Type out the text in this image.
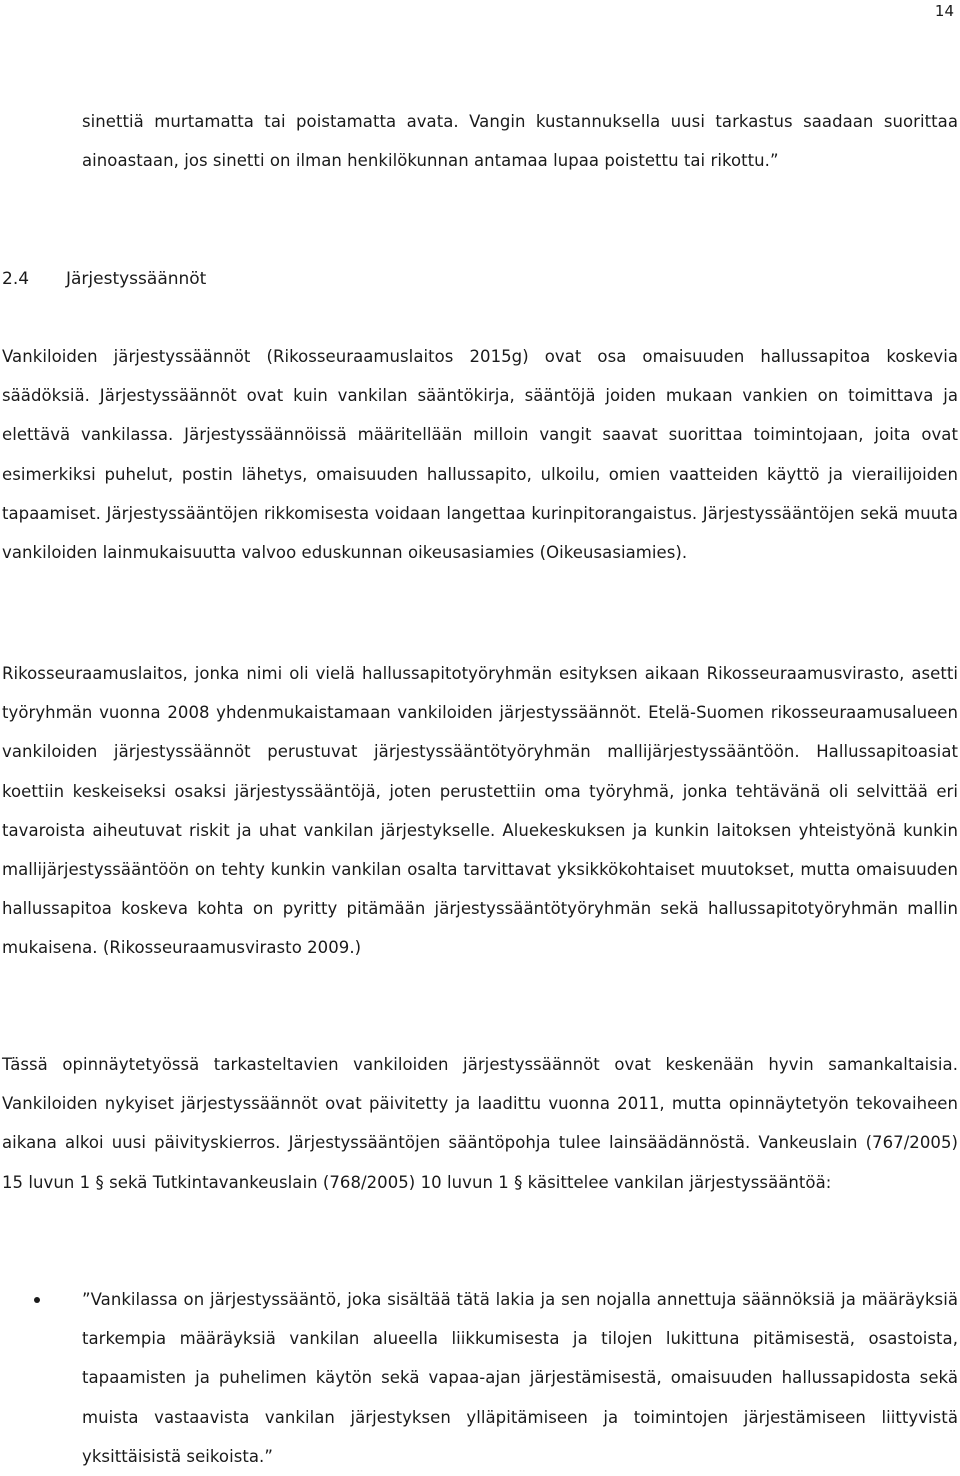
14

sinettiä murtamatta tai poistamatta avata. Vangin kustannuksella uusi tarkastus saadaan suorittaa ainoastaan, jos sinetti on ilman henkilökunnan antamaa lupaa poistettu tai rikottu.”

2.4 Järjestyssäännöt

Vankiloiden järjestyssäännöt (Rikosseuraamuslaitos 2015g) ovat osa omaisuuden hallussapitoa koskevia säädöksiä. Järjestyssäännöt ovat kuin vankilan sääntökirja, sääntöjä joiden mukaan vankien on toimittava ja elettävä vankilassa. Järjestyssäännöissä määritellään milloin vangit saavat suorittaa toimintojaan, joita ovat esimerkiksi puhelut, postin lähetys, omaisuuden hallussapito, ulkoilu, omien vaatteiden käyttö ja vierailijoiden tapaamiset. Järjestyssääntöjen rikkomisesta voidaan langettaa kurinpitorangaistus. Järjestyssääntöjen sekä muuta vankiloiden lainmukaisuutta valvoo eduskunnan oikeusasiamies (Oikeusasiamies).

Rikosseuraamuslaitos, jonka nimi oli vielä hallussapitotyöryhmän esityksen aikaan Rikosseuraamusvirasto, asetti työryhmän vuonna 2008 yhdenmukaistamaan vankiloiden järjestyssäännöt. Etelä-Suomen rikosseuraamusalueen vankiloiden järjestyssäännöt perustuvat järjestyssääntötyöryhmän mallijärjestyssääntöön. Hallussapitoasiat koettiin keskeiseksi osaksi järjestyssääntöjä, joten perustettiin oma työryhmä, jonka tehtävänä oli selvittää eri tavaroista aiheutuvat riskit ja uhat vankilan järjestykselle. Aluekeskuksen ja kunkin laitoksen yhteistyönä kunkin mallijärjestyssääntöön on tehty kunkin vankilan osalta tarvittavat yksikkökohtaiset muutokset, mutta omaisuuden hallussapitoa koskeva kohta on pyritty pitämään järjestyssääntötyöryhmän sekä hallussapitotyöryhmän mallin mukaisena. (Rikosseuraamusvirasto 2009.)

Tässä opinnäytetyössä tarkasteltavien vankiloiden järjestyssäännöt ovat keskenään hyvin samankaltaisia. Vankiloiden nykyiset järjestyssäännöt ovat päivitetty ja laadittu vuonna 2011, mutta opinnäytetyön tekovaiheen aikana alkoi uusi päivityskierros. Järjestyssääntöjen sääntöpohja tulee lainsäädännöstä. Vankeuslain (767/2005) 15 luvun 1 § sekä Tutkintavankeuslain (768/2005) 10 luvun 1 § käsittelee vankilan järjestyssääntöä:

”Vankilassa on järjestyssääntö, joka sisältää tätä lakia ja sen nojalla annettuja säännöksiä ja määräyksiä tarkempia määräyksiä vankilan alueella liikkumisesta ja tilojen lukittuna pitämisestä, osastoista, tapaamisten ja puhelimen käytön sekä vapaa-ajan järjestämisestä, omaisuuden hallussapidosta sekä muista vastaavista vankilan järjestyksen ylläpitämiseen ja toimintojen järjestämiseen liittyvistä yksittäisistä seikoista.”
